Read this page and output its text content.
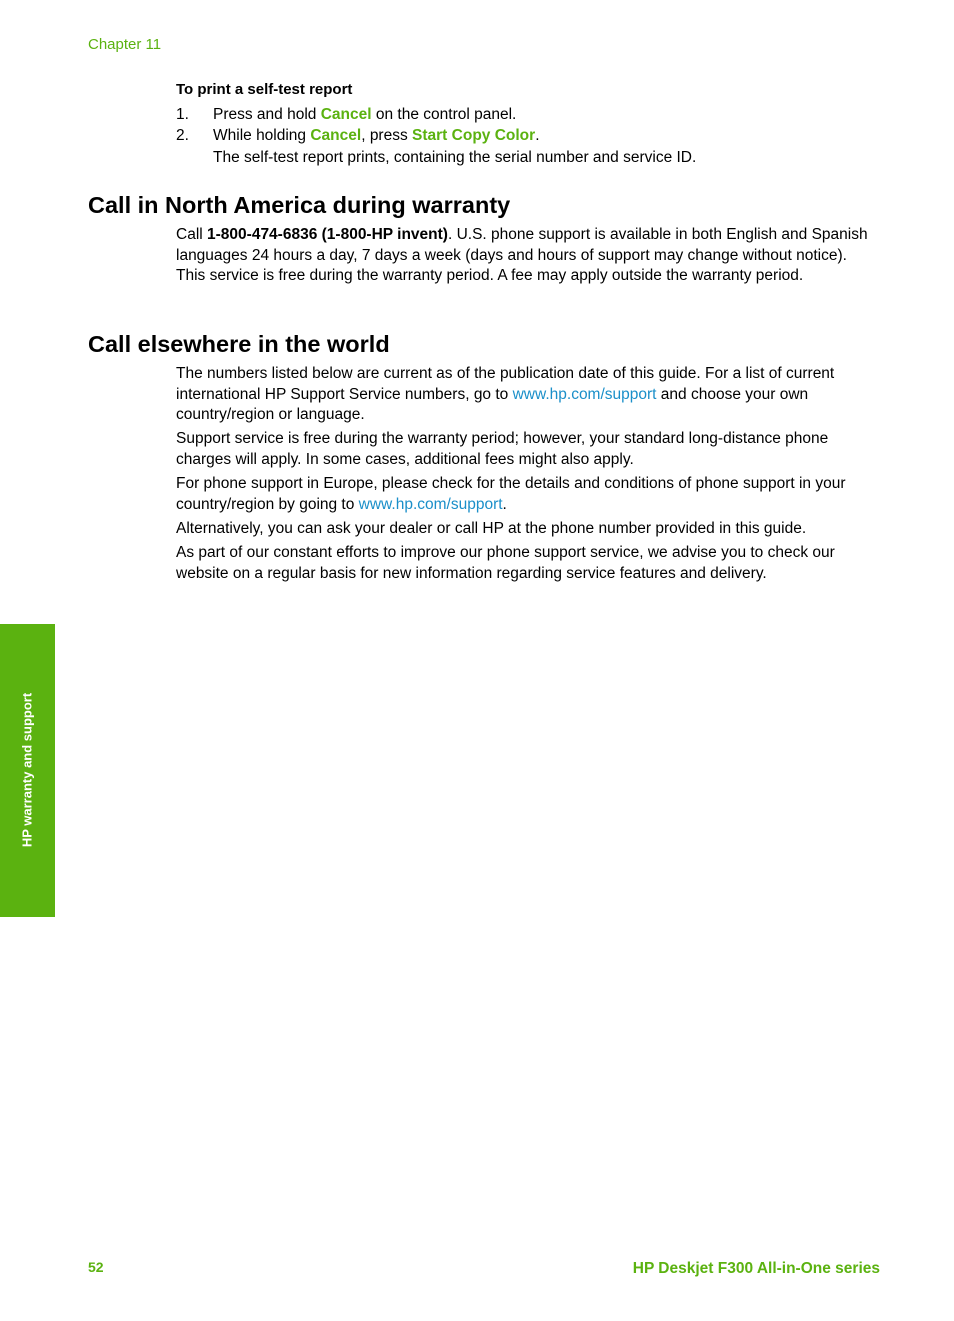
Chapter 11
To print a self-test report
1. Press and hold Cancel on the control panel.
2. While holding Cancel, press Start Copy Color.
The self-test report prints, containing the serial number and service ID.
Call in North America during warranty
Call 1-800-474-6836 (1-800-HP invent). U.S. phone support is available in both English and Spanish languages 24 hours a day, 7 days a week (days and hours of support may change without notice). This service is free during the warranty period. A fee may apply outside the warranty period.
Call elsewhere in the world
The numbers listed below are current as of the publication date of this guide. For a list of current international HP Support Service numbers, go to www.hp.com/support and choose your own country/region or language.
Support service is free during the warranty period; however, your standard long-distance phone charges will apply. In some cases, additional fees might also apply.
For phone support in Europe, please check for the details and conditions of phone support in your country/region by going to www.hp.com/support.
Alternatively, you can ask your dealer or call HP at the phone number provided in this guide.
As part of our constant efforts to improve our phone support service, we advise you to check our website on a regular basis for new information regarding service features and delivery.
HP warranty and support
52	HP Deskjet F300 All-in-One series
